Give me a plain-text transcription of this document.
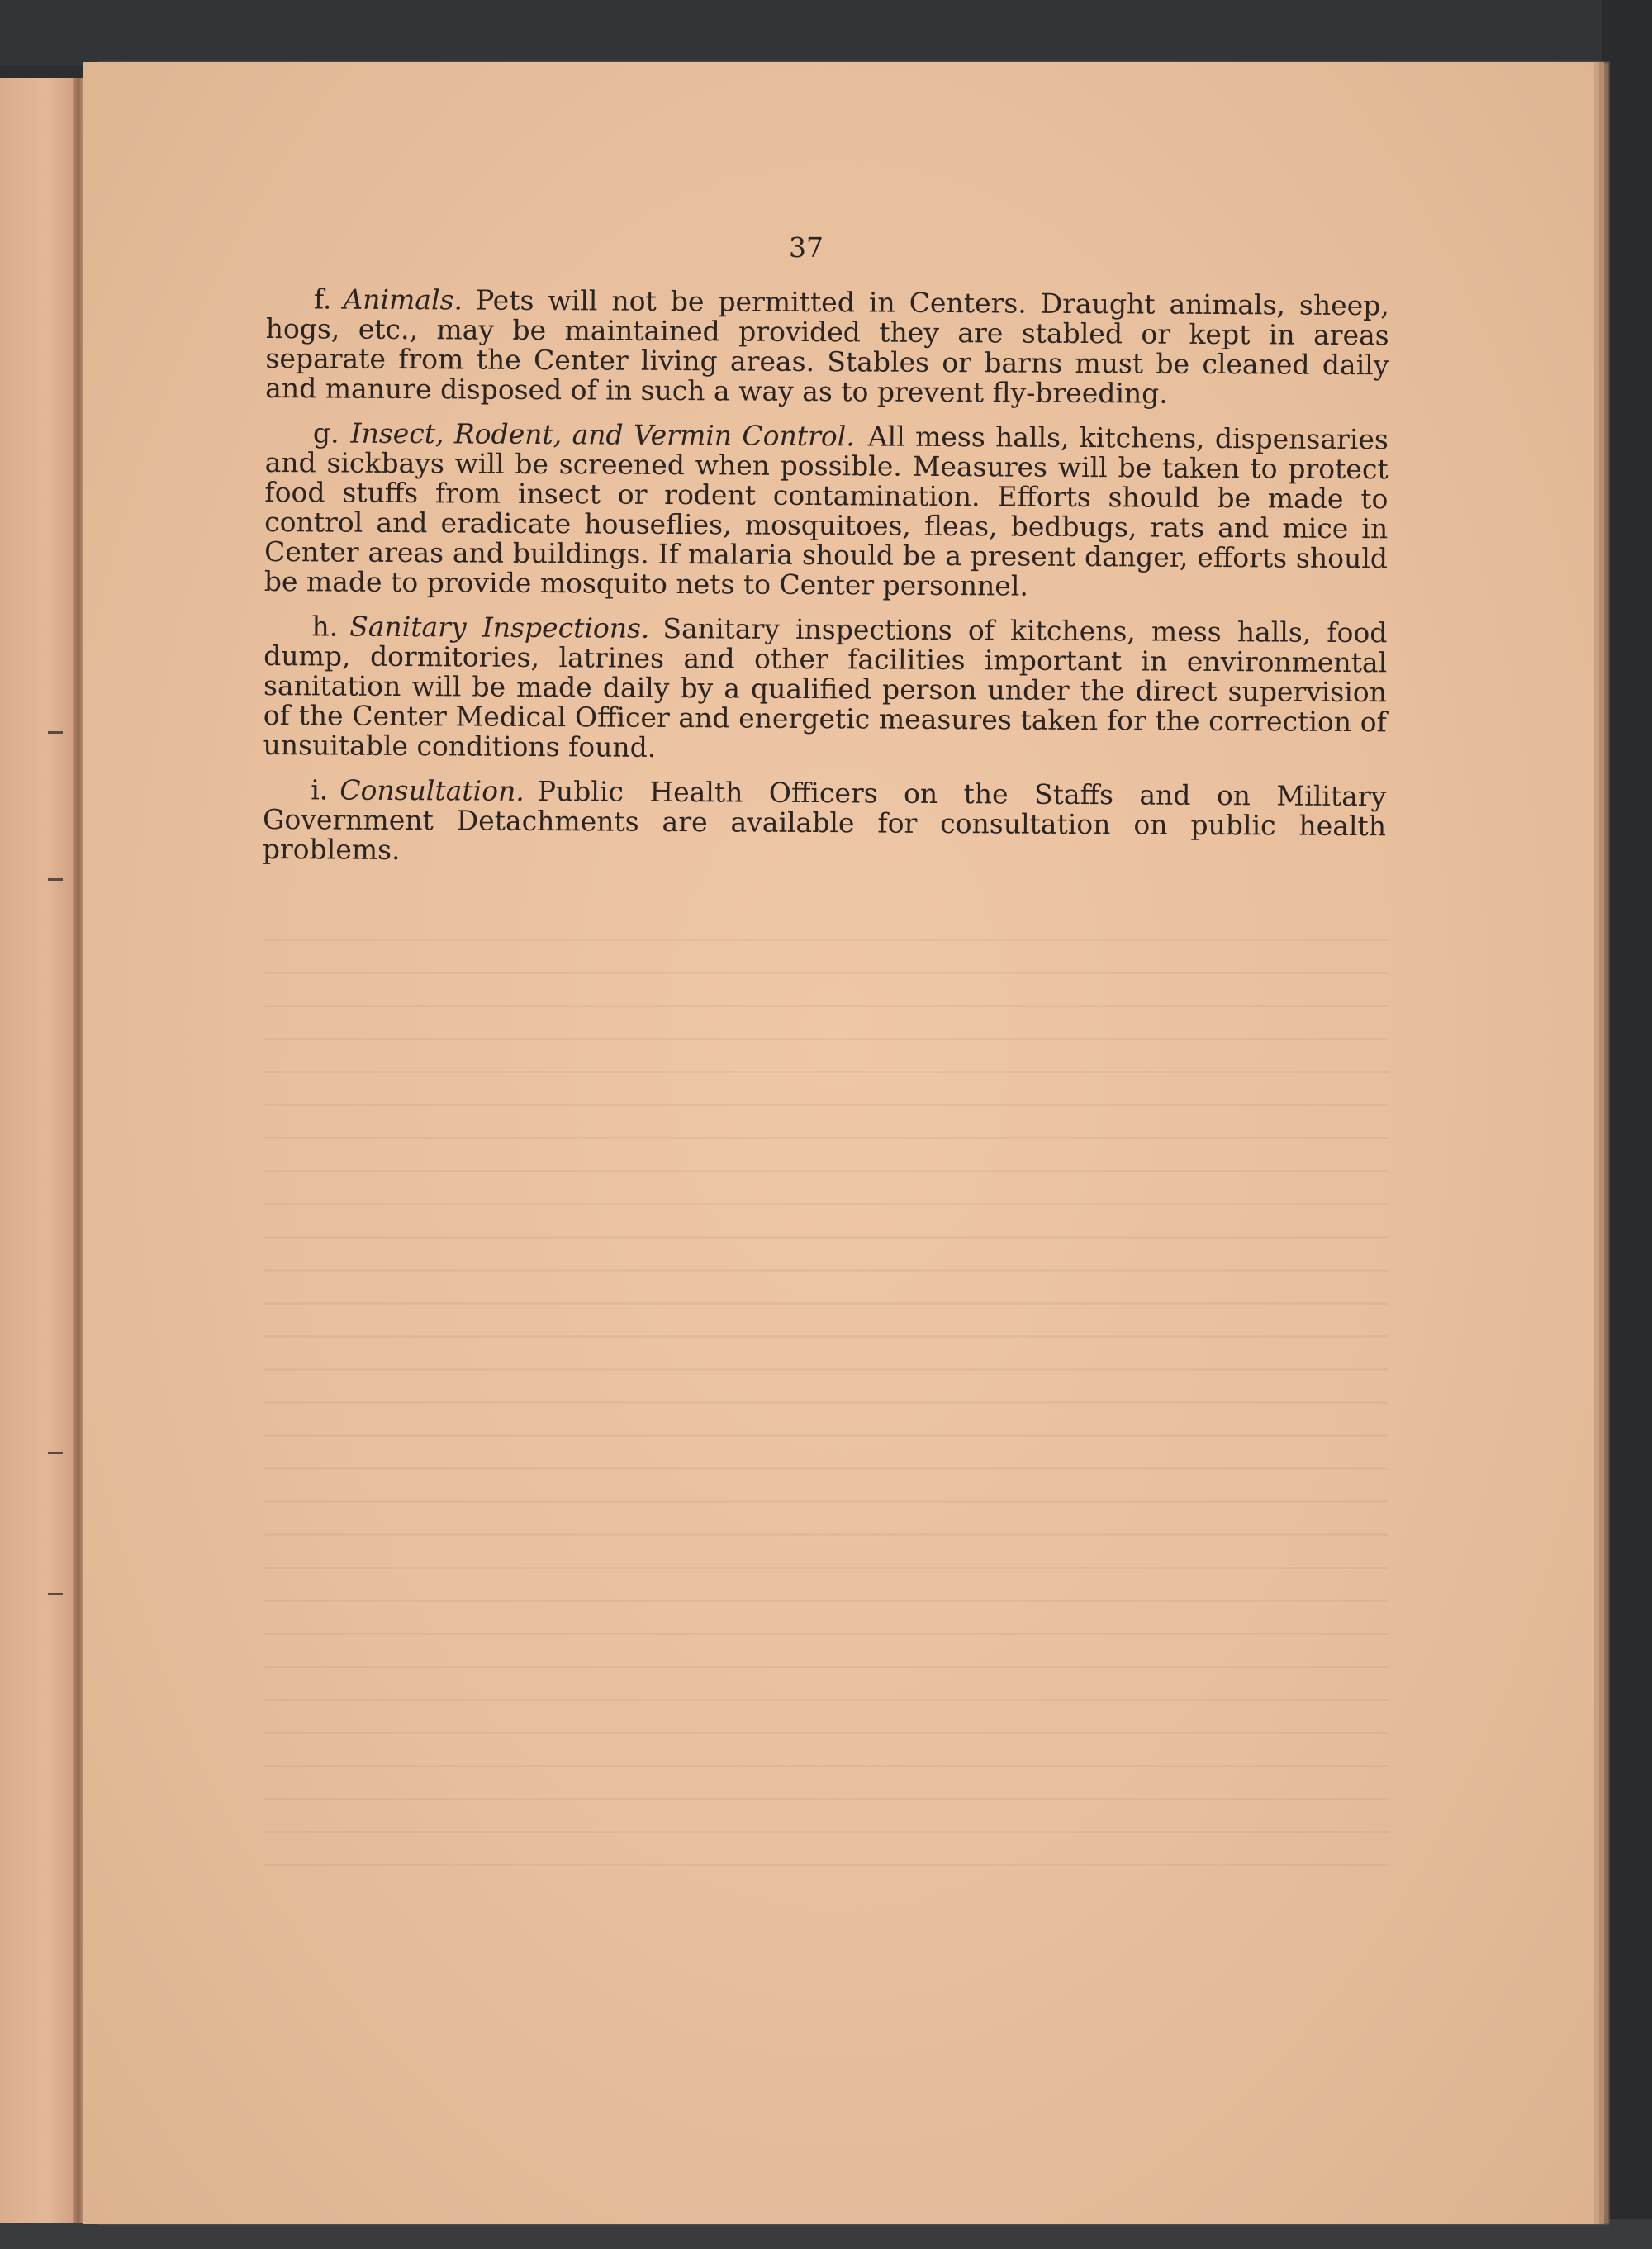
37

f. Animals. Pets will not be permitted in Centers. Draught animals, sheep, hogs, etc., may be maintained provided they are stabled or kept in areas separate from the Center living areas. Stables or barns must be cleaned daily and manure disposed of in such a way as to prevent fly-breeding.

g. Insect, Rodent, and Vermin Control. All mess halls, kitchens, dispensaries and sickbays will be screened when possible. Measures will be taken to protect food stuffs from insect or rodent contamination. Efforts should be made to control and eradicate houseflies, mosquitoes, fleas, bedbugs, rats and mice in Center areas and buildings. If malaria should be a present danger, efforts should be made to provide mosquito nets to Center personnel.

h. Sanitary Inspections. Sanitary inspections of kitchens, mess halls, food dump, dormitories, latrines and other facilities important in environmental sanitation will be made daily by a qualified person under the direct supervision of the Center Medical Officer and energetic measures taken for the correction of unsuitable conditions found.

i. Consultation. Public Health Officers on the Staffs and on Military Government Detachments are available for consultation on public health problems.
